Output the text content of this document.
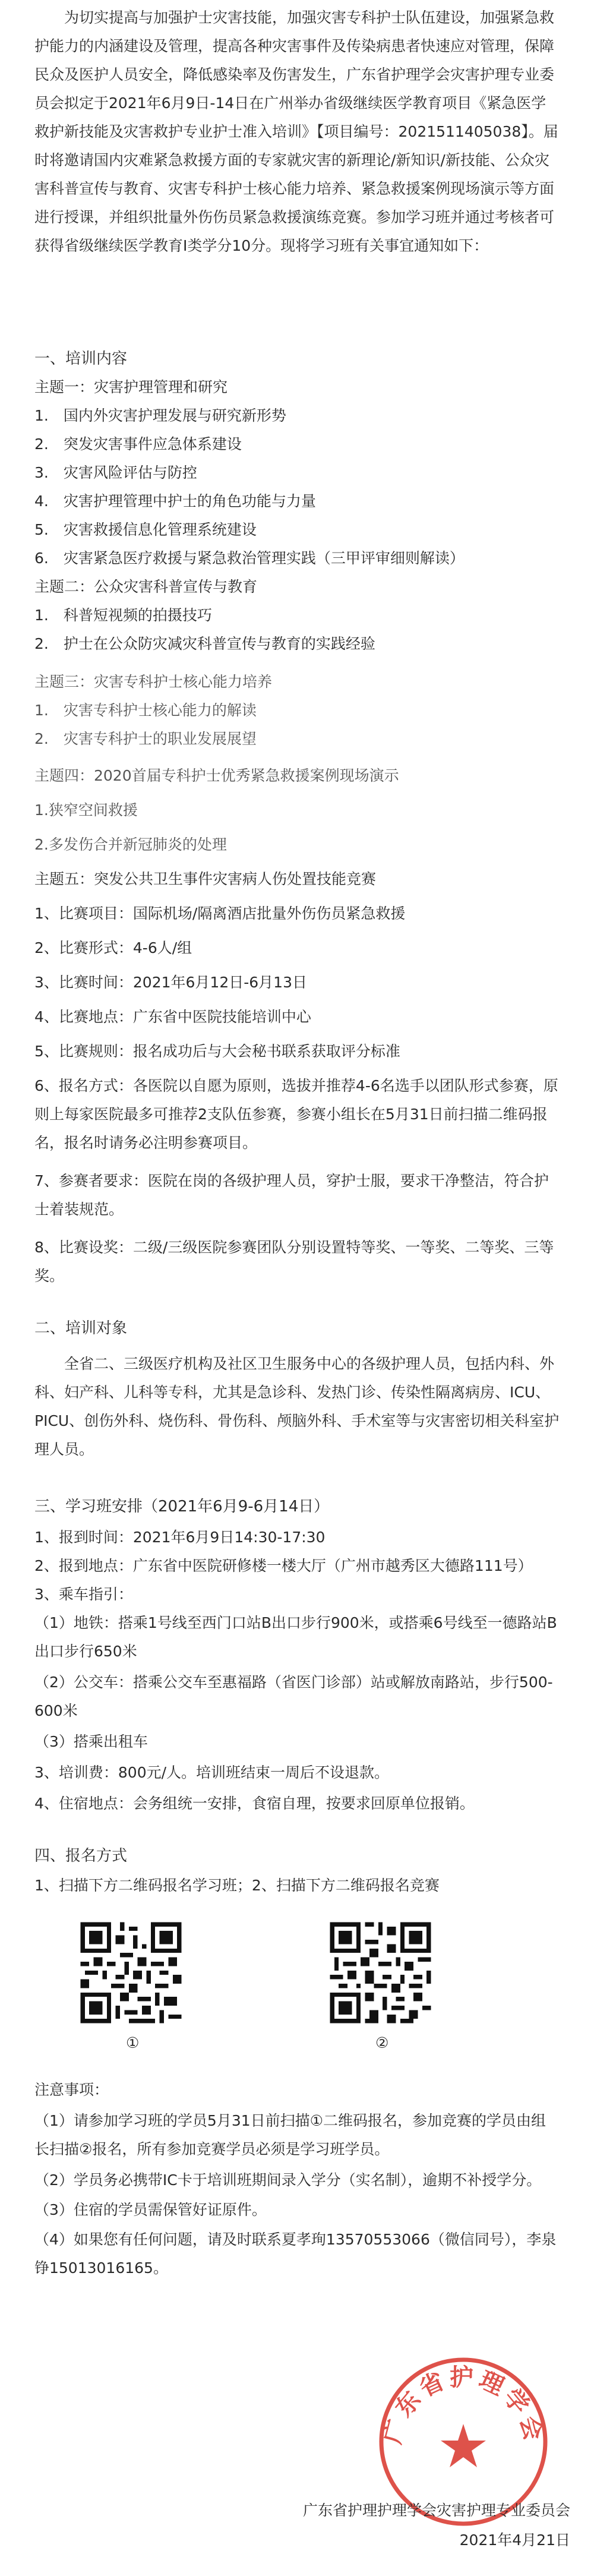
为切实提高与加强护士灾害技能，加强灾害专科护士队伍建设，加强紧急救护能力的内涵建设及管理，提高各种灾害事件及传染病患者快速应对管理，保障民众及医护人员安全，降低感染率及伤害发生，广东省护理学会灾害护理专业委员会拟定于2021年6月9日-14日在广州举办省级继续医学教育项目《紧急医学救护新技能及灾害救护专业护士准入培训》【项目编号：2021511405038】。届时将邀请国内灾难紧急救援方面的专家就灾害的新理论/新知识/新技能、公众灾害科普宣传与教育、灾害专科护士核心能力培养、紧急救援案例现场演示等方面进行授课，并组织批量外伤伤员紧急救援演练竞赛。参加学习班并通过考核者可获得省级继续医学教育Ⅰ类学分10分。现将学习班有关事宜通知如下：

一、培训内容

主题一：灾害护理管理和研究

1.　国内外灾害护理发展与研究新形势

2.　突发灾害事件应急体系建设

3.　灾害风险评估与防控

4.　灾害护理管理中护士的角色功能与力量

5.　灾害救援信息化管理系统建设

6.　灾害紧急医疗救援与紧急救治管理实践（三甲评审细则解读）

主题二：公众灾害科普宣传与教育

1.　科普短视频的拍摄技巧

2.　护士在公众防灾减灾科普宣传与教育的实践经验

主题三：灾害专科护士核心能力培养

1.　灾害专科护士核心能力的解读

2.　灾害专科护士的职业发展展望

主题四：2020首届专科护士优秀紧急救援案例现场演示

1.狭窄空间救援

2.多发伤合并新冠肺炎的处理

主题五：突发公共卫生事件灾害病人伤处置技能竞赛

1、比赛项目：国际机场/隔离酒店批量外伤伤员紧急救援

2、比赛形式：4-6人/组

3、比赛时间：2021年6月12日-6月13日

4、比赛地点：广东省中医院技能培训中心

5、比赛规则：报名成功后与大会秘书联系获取评分标准

6、报名方式：各医院以自愿为原则，选拔并推荐4-6名选手以团队形式参赛，原则上每家医院最多可推荐2支队伍参赛，参赛小组长在5月31日前扫描二维码报名，报名时请务必注明参赛项目。

7、参赛者要求：医院在岗的各级护理人员，穿护士服，要求干净整洁，符合护士着装规范。

8、比赛设奖：二级/三级医院参赛团队分别设置特等奖、一等奖、二等奖、三等奖。

二、培训对象

全省二、三级医疗机构及社区卫生服务中心的各级护理人员，包括内科、外科、妇产科、儿科等专科，尤其是急诊科、发热门诊、传染性隔离病房、ICU、PICU、创伤外科、烧伤科、骨伤科、颅脑外科、手术室等与灾害密切相关科室护理人员。

三、学习班安排（2021年6月9-6月14日）

1、报到时间：2021年6月9日14:30-17:30

2、报到地点：广东省中医院研修楼一楼大厅（广州市越秀区大德路111号）

3、乘车指引：

（1）地铁：搭乘1号线至西门口站B出口步行900米，或搭乘6号线至一德路站B出口步行650米

（2）公交车：搭乘公交车至惠福路（省医门诊部）站或解放南路站，步行500-600米

（3）搭乘出租车

3、培训费：800元/人。培训班结束一周后不设退款。

4、住宿地点：会务组统一安排，食宿自理，按要求回原单位报销。

四、报名方式

1、扫描下方二维码报名学习班；2、扫描下方二维码报名竞赛

①	②

注意事项：

（1）请参加学习班的学员5月31日前扫描①二维码报名，参加竞赛的学员由组长扫描②报名，所有参加竞赛学员必须是学习班学员。

（2）学员务必携带IC卡于培训班期间录入学分（实名制），逾期不补授学分。

（3）住宿的学员需保管好证原件。

（4）如果您有任何问题，请及时联系夏孝珣13570553066（微信同号），李泉铮15013016165。

广东省护理学会

广东省护理护理学会灾害护理专业委员会

2021年4月21日
